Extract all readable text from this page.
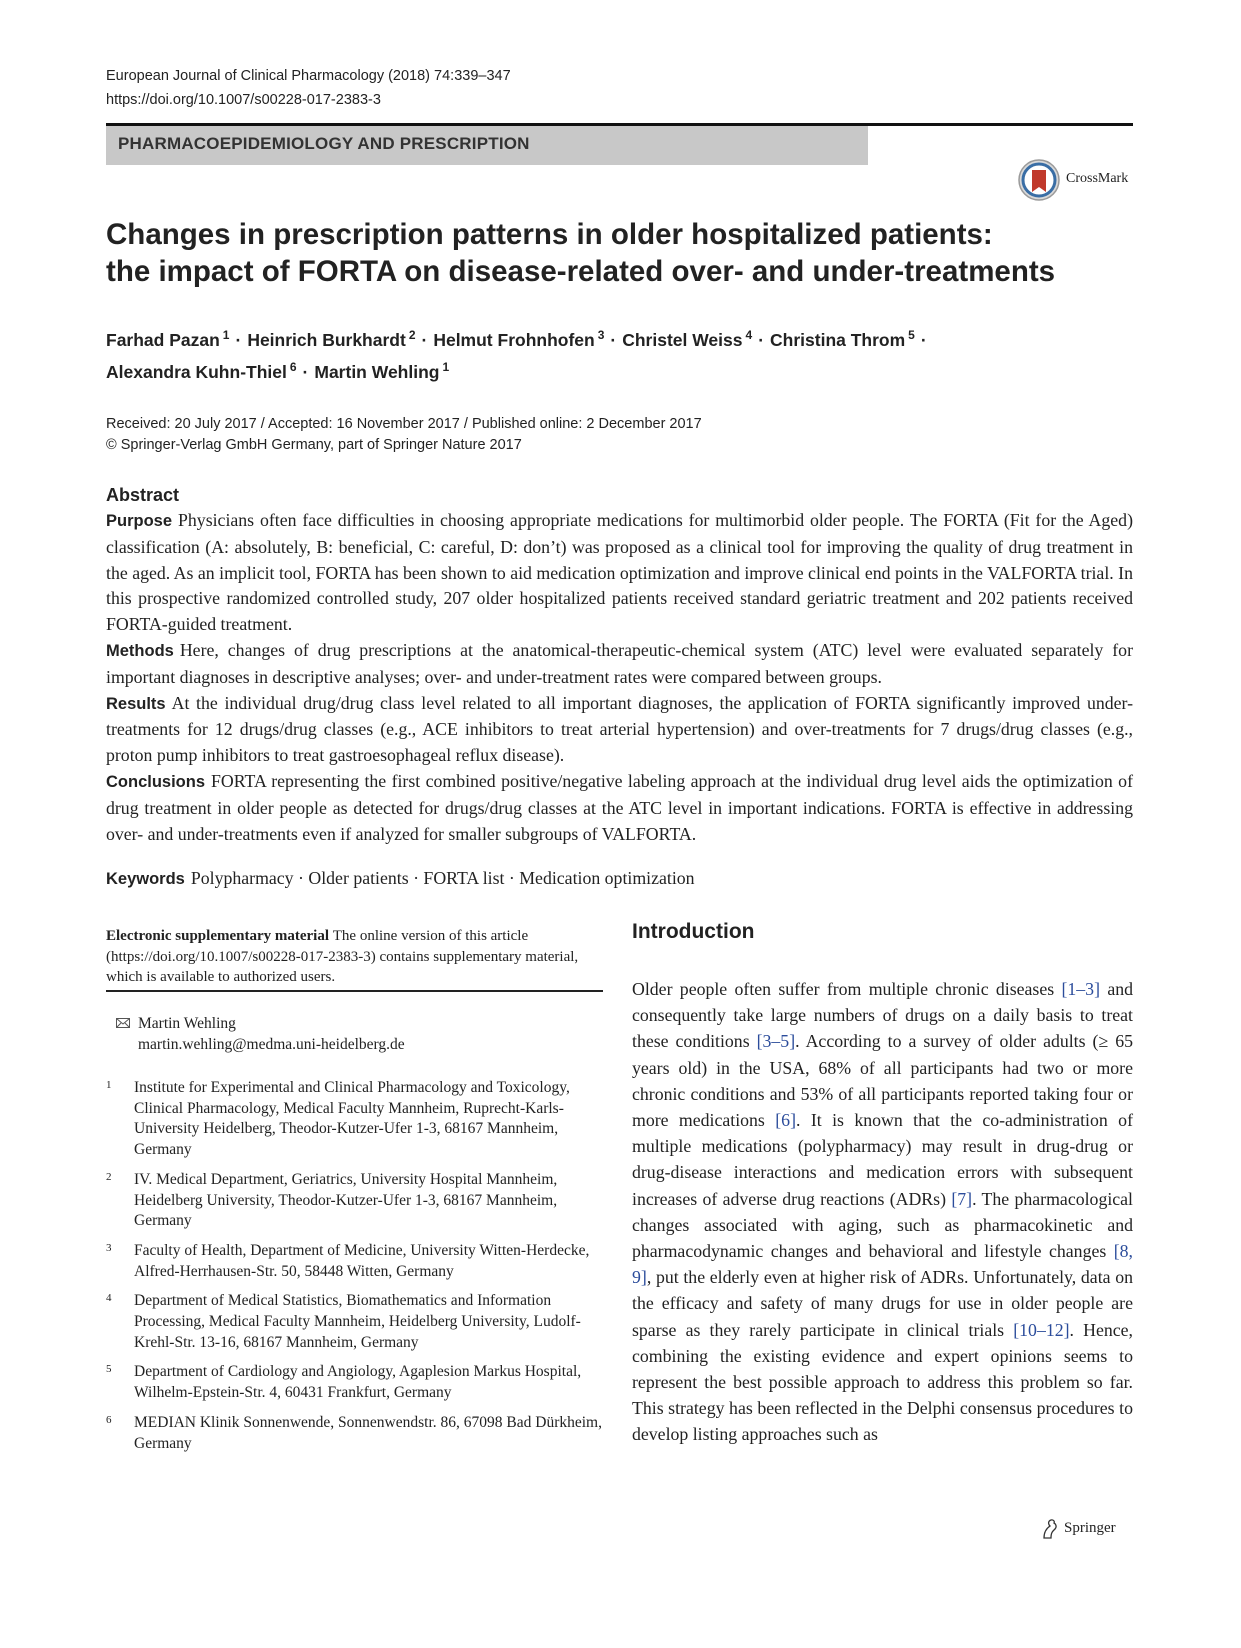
European Journal of Clinical Pharmacology (2018) 74:339–347
https://doi.org/10.1007/s00228-017-2383-3
PHARMACOEPIDEMIOLOGY AND PRESCRIPTION
CrossMark
Changes in prescription patterns in older hospitalized patients:
the impact of FORTA on disease-related over- and under-treatments
Farhad Pazan $^1$ · Heinrich Burkhardt $^2$ · Helmut Frohnhofen $^3$ · Christel Weiss $^4$ · Christina Throm $^5$ ·
Alexandra Kuhn-Thiel $^6$ · Martin Wehling $^1$
Received: 20 July 2017 / Accepted: 16 November 2017 / Published online: 2 December 2017
© Springer-Verlag GmbH Germany, part of Springer Nature 2017
Abstract

Purpose Physicians often face difficulties in choosing appropriate medications for multimorbid older people. The FORTA (Fit for the Aged) classification (A: absolutely, B: beneficial, C: careful, D: don’t) was proposed as a clinical tool for improving the quality of drug treatment in the aged. As an implicit tool, FORTA has been shown to aid medication optimization and improve clinical end points in the VALFORTA trial. In this prospective randomized controlled study, 207 older hospitalized patients received standard geriatric treatment and 202 patients received FORTA-guided treatment.

Methods Here, changes of drug prescriptions at the anatomical-therapeutic-chemical system (ATC) level were evaluated separately for important diagnoses in descriptive analyses; over- and under-treatment rates were compared between groups.

Results At the individual drug/drug class level related to all important diagnoses, the application of FORTA significantly improved under-treatments for 12 drugs/drug classes (e.g., ACE inhibitors to treat arterial hypertension) and over-treatments for 7 drugs/drug classes (e.g., proton pump inhibitors to treat gastroesophageal reflux disease).

Conclusions FORTA representing the first combined positive/negative labeling approach at the individual drug level aids the optimization of drug treatment in older people as detected for drugs/drug classes at the ATC level in important indications. FORTA is effective in addressing over- and under-treatments even if analyzed for smaller subgroups of VALFORTA.

Keywords Polypharmacy · Older patients · FORTA list · Medication optimization
Electronic supplementary material The online version of this article (https://doi.org/10.1007/s00228-017-2383-3) contains supplementary material, which is available to authorized users.
Martin Wehling
martin.wehling@medma.uni-heidelberg.de
1 Institute for Experimental and Clinical Pharmacology and Toxicology, Clinical Pharmacology, Medical Faculty Mannheim, Ruprecht-Karls-University Heidelberg, Theodor-Kutzer-Ufer 1-3, 68167 Mannheim, Germany
2 IV. Medical Department, Geriatrics, University Hospital Mannheim, Heidelberg University, Theodor-Kutzer-Ufer 1-3, 68167 Mannheim, Germany
3 Faculty of Health, Department of Medicine, University Witten-Herdecke, Alfred-Herrhausen-Str. 50, 58448 Witten, Germany
4 Department of Medical Statistics, Biomathematics and Information Processing, Medical Faculty Mannheim, Heidelberg University, Ludolf-Krehl-Str. 13-16, 68167 Mannheim, Germany
5 Department of Cardiology and Angiology, Agaplesion Markus Hospital, Wilhelm-Epstein-Str. 4, 60431 Frankfurt, Germany
6 MEDIAN Klinik Sonnenwende, Sonnenwendstr. 86, 67098 Bad Dürkheim, Germany
Introduction

Older people often suffer from multiple chronic diseases [1–3] and consequently take large numbers of drugs on a daily basis to treat these conditions [3–5]. According to a survey of older adults (≥ 65 years old) in the USA, 68% of all participants had two or more chronic conditions and 53% of all participants reported taking four or more medications [6]. It is known that the co-administration of multiple medications (polypharmacy) may result in drug-drug or drug-disease interactions and medication errors with subsequent increases of adverse drug reactions (ADRs) [7]. The pharmacological changes associated with aging, such as pharmacokinetic and pharmacodynamic changes and behavioral and lifestyle changes [8, 9], put the elderly even at higher risk of ADRs. Unfortunately, data on the efficacy and safety of many drugs for use in older people are sparse as they rarely participate in clinical trials [10–12]. Hence, combining the existing evidence and expert opinions seems to represent the best possible approach to address this problem so far. This strategy has been reflected in the Delphi consensus procedures to develop listing approaches such as

Springer
